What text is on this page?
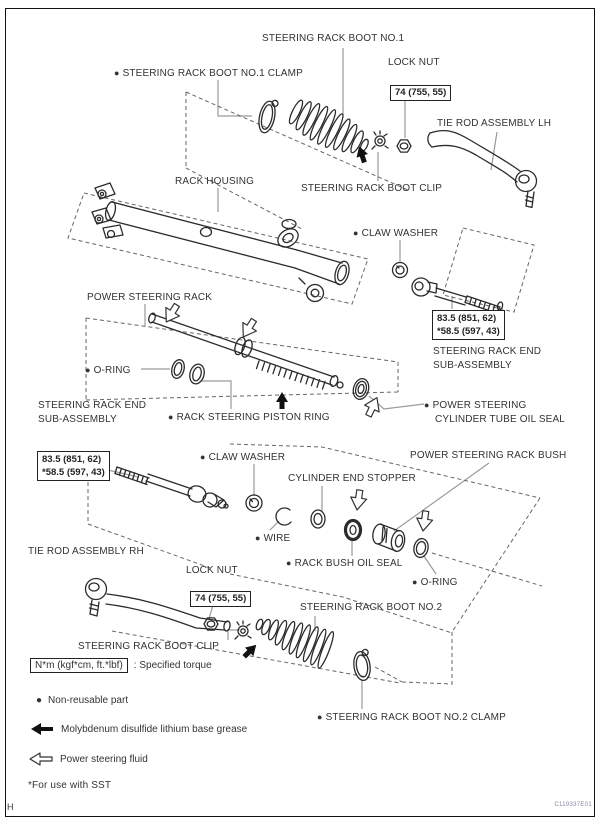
STEERING RACK BOOT NO.1
LOCK NUT
● STEERING RACK BOOT NO.1 CLAMP
74 (755, 55)
TIE ROD ASSEMBLY LH
RACK HOUSING
STEERING RACK BOOT CLIP
● CLAW WASHER
83.5 (851, 62)
*58.5 (597, 43)
STEERING RACK END
SUB-ASSEMBLY
POWER STEERING RACK
● O-RING
STEERING RACK END
SUB-ASSEMBLY	● RACK STEERING PISTON RING
● POWER STEERING
CYLINDER TUBE OIL SEAL
POWER STEERING RACK BUSH
83.5 (851, 62)
*58.5 (597, 43)
● CLAW WASHER
CYLINDER END STOPPER
● WIRE
TIE ROD ASSEMBLY RH
● RACK BUSH OIL SEAL
● O-RING
LOCK NUT
74 (755, 55)
STEERING RACK BOOT NO.2
STEERING RACK BOOT CLIP
● STEERING RACK BOOT NO.2 CLAMP
N*m (kgf*cm, ft.*lbf)	: Specified torque
● Non-reusable part
Molybdenum disulfide lithium base grease
Power steering fluid
*For use with SST
H	C119337E01
